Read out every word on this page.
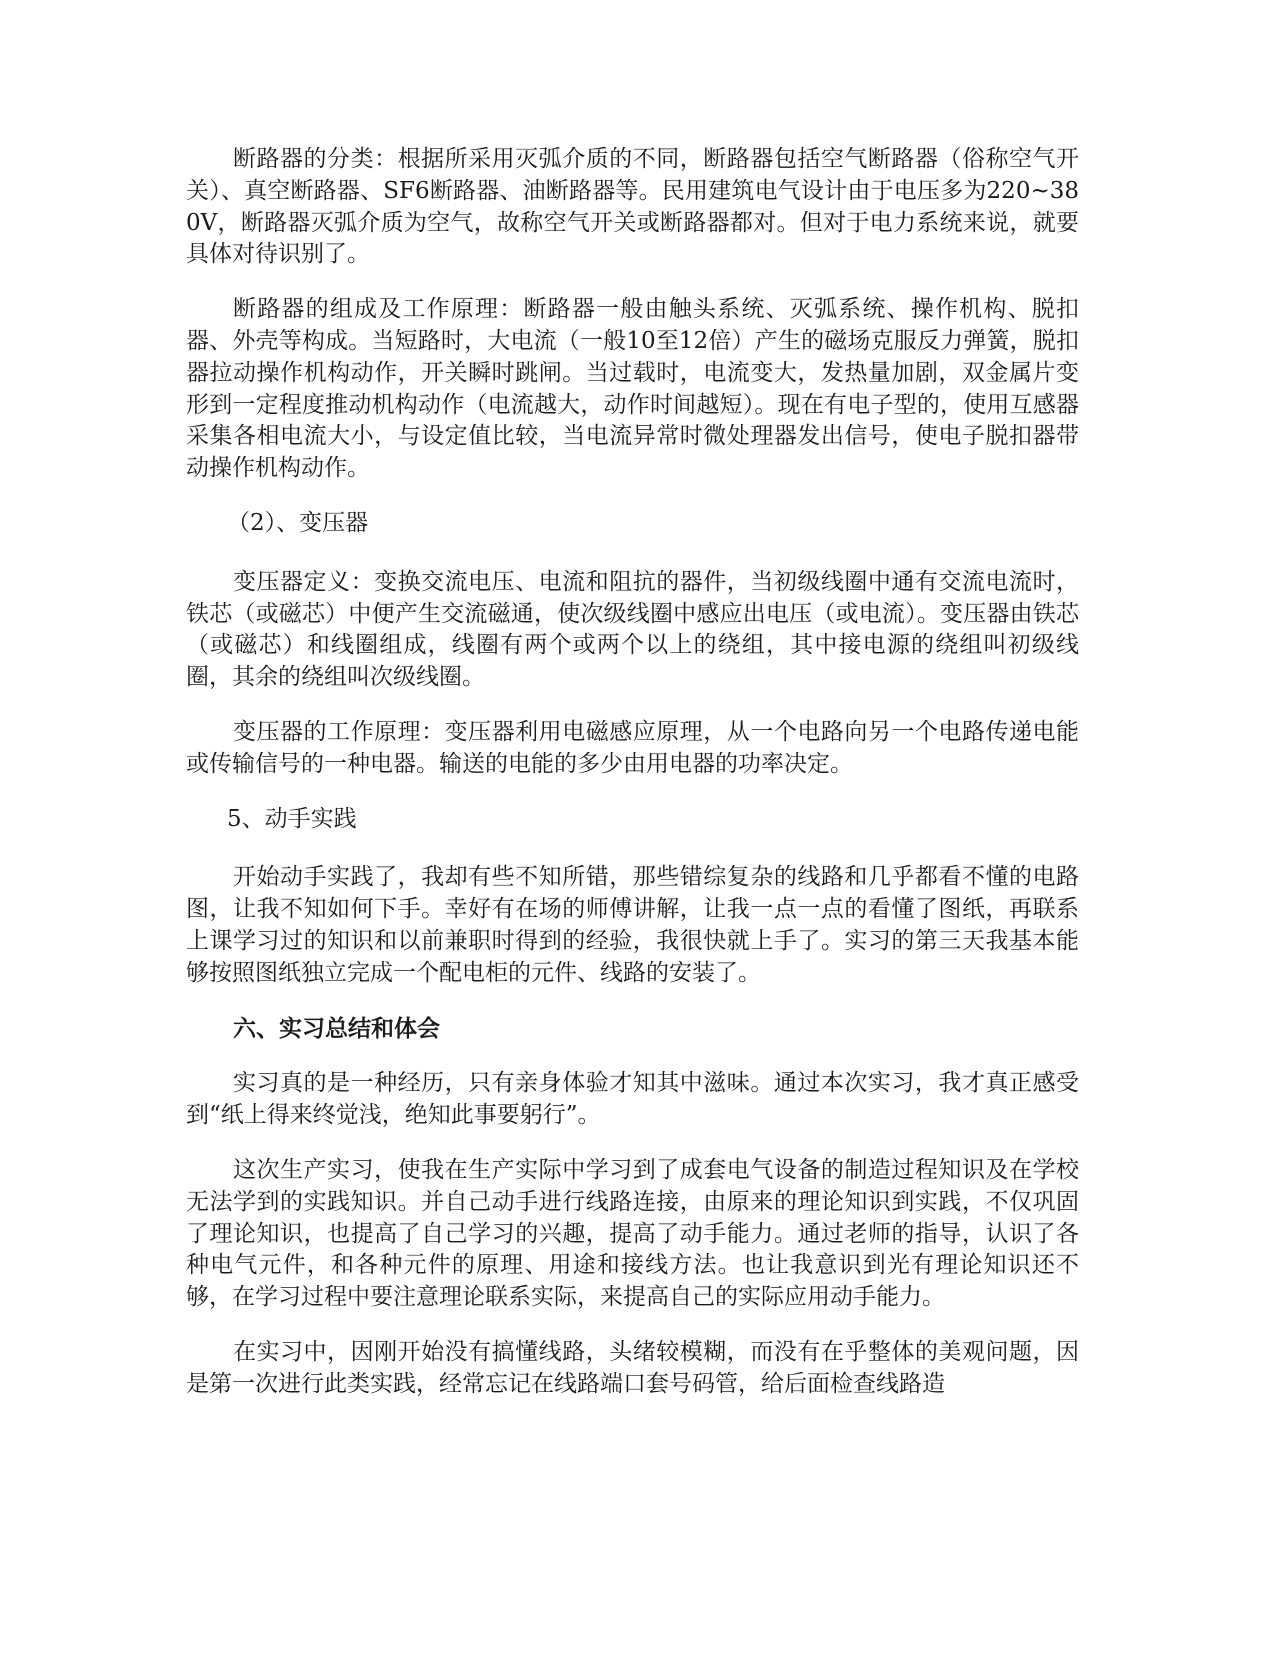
断路器的分类：根据所采用灭弧介质的不同，断路器包括空气断路器（俗称空气开关）、真空断路器、SF6断路器、油断路器等。民用建筑电气设计由于电压多为220~380V，断路器灭弧介质为空气，故称空气开关或断路器都对。但对于电力系统来说，就要具体对待识别了。

断路器的组成及工作原理：断路器一般由触头系统、灭弧系统、操作机构、脱扣器、外壳等构成。当短路时，大电流（一般10至12倍）产生的磁场克服反力弹簧，脱扣器拉动操作机构动作，开关瞬时跳闸。当过载时，电流变大，发热量加剧，双金属片变形到一定程度推动机构动作（电流越大，动作时间越短）。现在有电子型的，使用互感器采集各相电流大小，与设定值比较，当电流异常时微处理器发出信号，使电子脱扣器带动操作机构动作。

（2）、变压器

变压器定义：变换交流电压、电流和阻抗的器件，当初级线圈中通有交流电流时，铁芯（或磁芯）中便产生交流磁通，使次级线圈中感应出电压（或电流）。变压器由铁芯（或磁芯）和线圈组成，线圈有两个或两个以上的绕组，其中接电源的绕组叫初级线圈，其余的绕组叫次级线圈。

变压器的工作原理：变压器利用电磁感应原理，从一个电路向另一个电路传递电能或传输信号的一种电器。输送的电能的多少由用电器的功率决定。

5、动手实践

开始动手实践了，我却有些不知所错，那些错综复杂的线路和几乎都看不懂的电路图，让我不知如何下手。幸好有在场的师傅讲解，让我一点一点的看懂了图纸，再联系上课学习过的知识和以前兼职时得到的经验，我很快就上手了。实习的第三天我基本能够按照图纸独立完成一个配电柜的元件、线路的安装了。

六、实习总结和体会

实习真的是一种经历，只有亲身体验才知其中滋味。通过本次实习，我才真正感受到“纸上得来终觉浅，绝知此事要躬行”。

这次生产实习，使我在生产实际中学习到了成套电气设备的制造过程知识及在学校无法学到的实践知识。并自己动手进行线路连接，由原来的理论知识到实践，不仅巩固了理论知识，也提高了自己学习的兴趣，提高了动手能力。通过老师的指导，认识了各种电气元件，和各种元件的原理、用途和接线方法。也让我意识到光有理论知识还不够，在学习过程中要注意理论联系实际，来提高自己的实际应用动手能力。

在实习中，因刚开始没有搞懂线路，头绪较模糊，而没有在乎整体的美观问题，因是第一次进行此类实践，经常忘记在线路端口套号码管，给后面检查线路造
